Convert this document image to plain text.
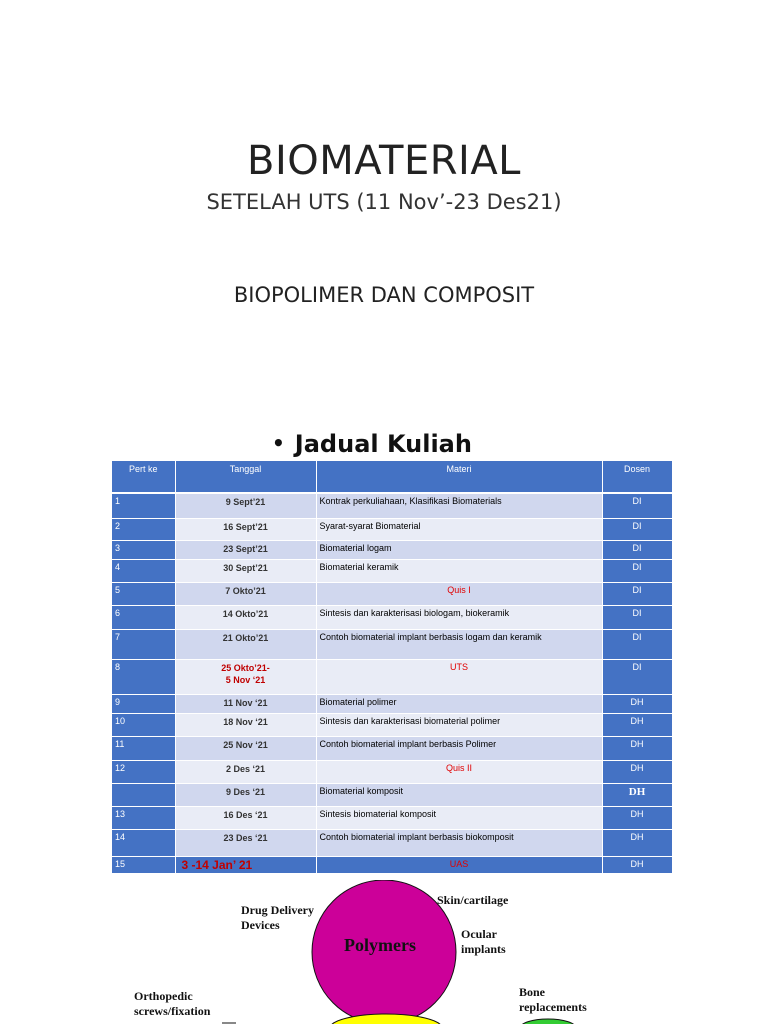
BIOMATERIAL
SETELAH UTS (11 Nov’-23 Des21)
BIOPOLIMER DAN COMPOSIT
• Jadual Kuliah
Pert ke	Tanggal	Materi	Dosen
1	9 Sept’21	Kontrak perkuliahaan, Klasifikasi Biomaterials	DI
2	16 Sept’21	Syarat-syarat Biomaterial	DI
3	23 Sept’21	Biomaterial logam	DI
4	30 Sept’21	Biomaterial keramik	DI
5	7 Okto’21	Quis I	DI
6	14 Okto’21	Sintesis dan karakterisasi biologam, biokeramik	DI
7	21 Okto’21	Contoh biomaterial implant berbasis logam dan keramik	DI
8	25 Okto’21-
5 Nov ‘21	UTS	DI
9	11 Nov ‘21	Biomaterial polimer	DH
10	18 Nov ‘21	Sintesis dan karakterisasi biomaterial polimer	DH
11	25 Nov ‘21	Contoh biomaterial implant berbasis Polimer	DH
12	2 Des ‘21	Quis II	DH
	9 Des ‘21	Biomaterial komposit	DH
13	16 Des ‘21	Sintesis biomaterial komposit	DH
14	23 Des ‘21	Contoh biomaterial implant berbasis biokomposit	DH
15	3 -14 Jan’ 21	UAS	DH
Polymers
Drug Delivery
Devices
Skin/cartilage
Ocular
implants
Orthopedic
screws/fixation
Bone
replacements
